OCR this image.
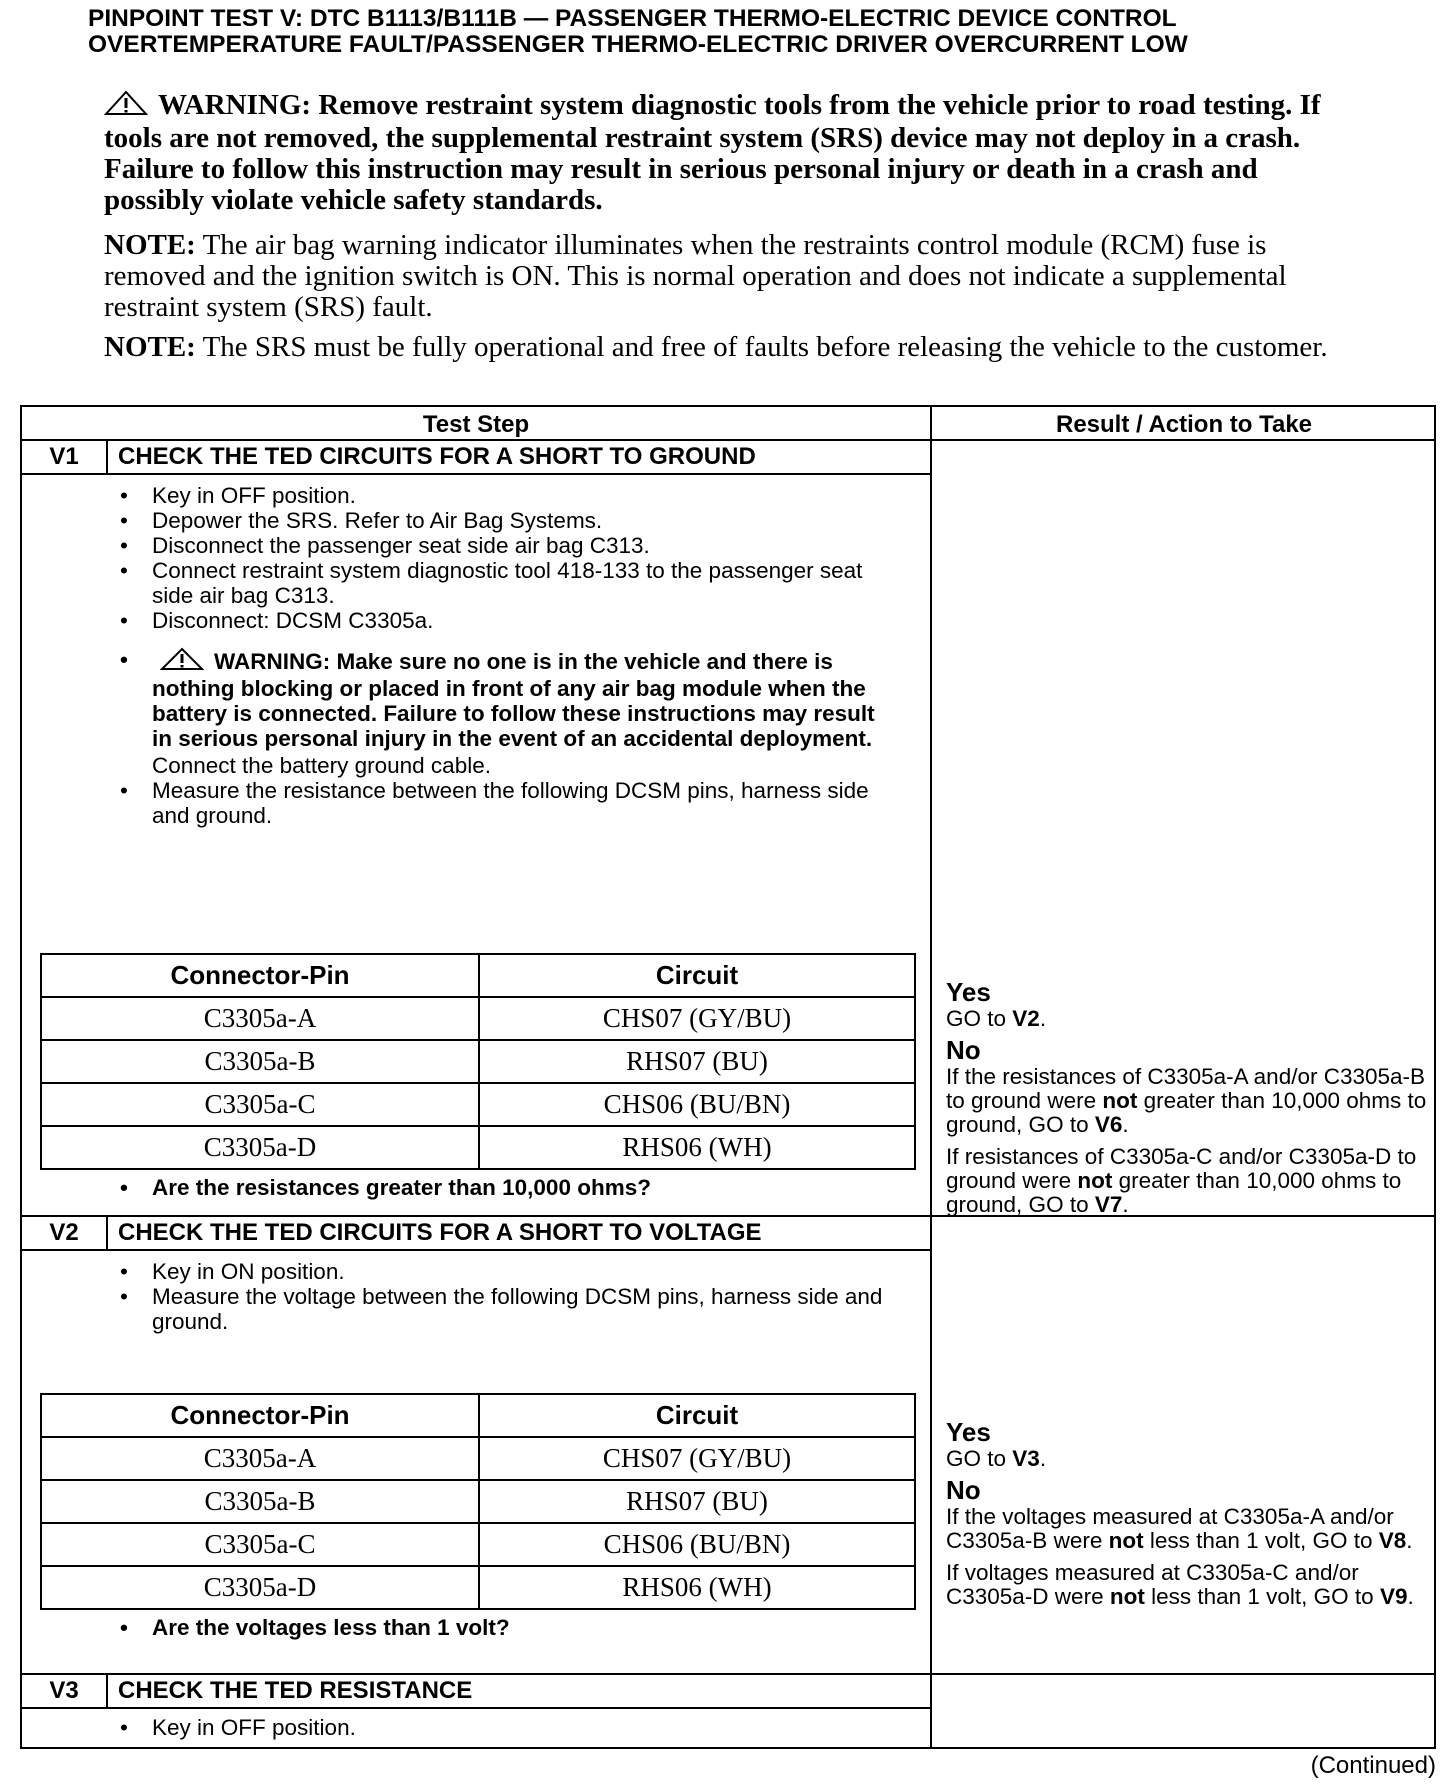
PINPOINT TEST V: DTC B1113/B111B — PASSENGER THERMO-ELECTRIC DEVICE CONTROL
OVERTEMPERATURE FAULT/PASSENGER THERMO-ELECTRIC DRIVER OVERCURRENT LOW
WARNING: Remove restraint system diagnostic tools from the vehicle prior to road testing. If tools are not removed, the supplemental restraint system (SRS) device may not deploy in a crash. Failure to follow this instruction may result in serious personal injury or death in a crash and possibly violate vehicle safety standards.
NOTE: The air bag warning indicator illuminates when the restraints control module (RCM) fuse is removed and the ignition switch is ON. This is normal operation and does not indicate a supplemental restraint system (SRS) fault.
NOTE: The SRS must be fully operational and free of faults before releasing the vehicle to the customer.
Test Step	Result / Action to Take
V1	CHECK THE TED CIRCUITS FOR A SHORT TO GROUND
• Key in OFF position.
• Depower the SRS. Refer to Air Bag Systems.
• Disconnect the passenger seat side air bag C313.
• Connect restraint system diagnostic tool 418-133 to the passenger seat side air bag C313.
• Disconnect: DCSM C3305a.
• WARNING: Make sure no one is in the vehicle and there is nothing blocking or placed in front of any air bag module when the battery is connected. Failure to follow these instructions may result in serious personal injury in the event of an accidental deployment.
Connect the battery ground cable.
• Measure the resistance between the following DCSM pins, harness side and ground.
Connector-Pin	Circuit
C3305a-A	CHS07 (GY/BU)
C3305a-B	RHS07 (BU)
C3305a-C	CHS06 (BU/BN)
C3305a-D	RHS06 (WH)
• Are the resistances greater than 10,000 ohms?
Yes

GO to V2.

No

If the resistances of C3305a-A and/or C3305a-B to ground were not greater than 10,000 ohms to ground, GO to V6.

If resistances of C3305a-C and/or C3305a-D to ground were not greater than 10,000 ohms to ground, GO to V7.

V2	CHECK THE TED CIRCUITS FOR A SHORT TO VOLTAGE
• Key in ON position.
• Measure the voltage between the following DCSM pins, harness side and ground.
Connector-Pin	Circuit
C3305a-A	CHS07 (GY/BU)
C3305a-B	RHS07 (BU)
C3305a-C	CHS06 (BU/BN)
C3305a-D	RHS06 (WH)
• Are the voltages less than 1 volt?
Yes

GO to V3.

No

If the voltages measured at C3305a-A and/or C3305a-B were not less than 1 volt, GO to V8.

If voltages measured at C3305a-C and/or C3305a-D were not less than 1 volt, GO to V9.

V3	CHECK THE TED RESISTANCE
• Key in OFF position.
(Continued)
